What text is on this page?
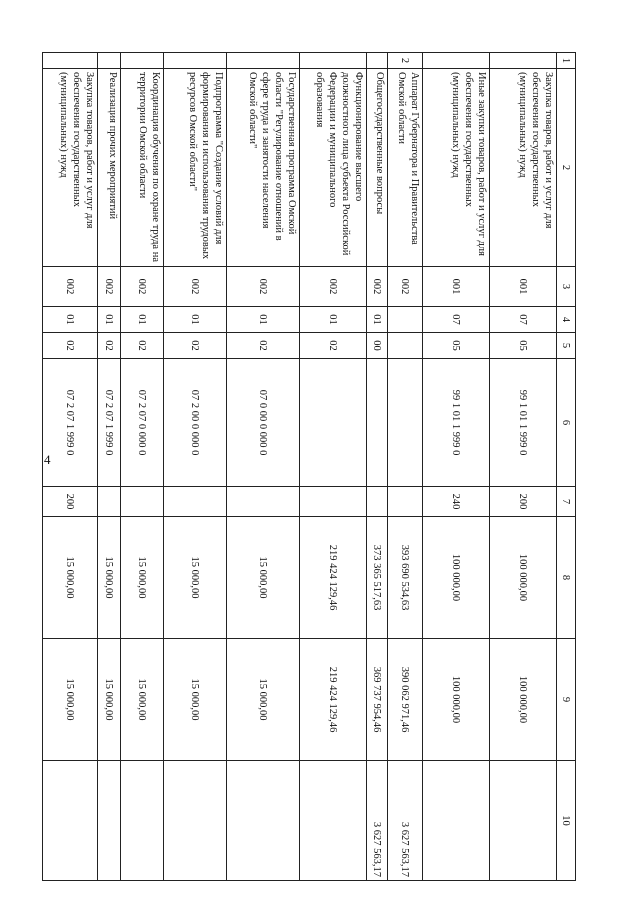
4
1	2	3	4	5	6	7	8	9	10
	Закупка товаров, работ и услуг для обеспечения государственных (муниципальных) нужд	001	07	05	99 1 01 1 999 0	200	100 000,00	100 000,00	
	Иные закупки товаров, работ и услуг для обеспечения государственных (муниципальных) нужд	001	07	05	99 1 01 1 999 0	240	100 000,00	100 000,00	
2	Аппарат Губернатора и Правительства Омской области	002					393 690 534,63	390 062 971,46	3 627 563,17
	Общегосударственные вопросы	002	01	00			373 365 517,63	369 737 954,46	3 627 563,17
	Функционирование высшего должностного лица субъекта Российской Федерации и муниципального образования	002	01	02			219 424 129,46	219 424 129,46	
	Государственная программа Омской области "Регулирование отношений в сфере труда и занятости населения Омской области"	002	01	02	07 0 00 0 000 0		15 000,00	15 000,00	
	Подпрограмма "Создание условий для формирования и использования трудовых ресурсов Омской области"	002	01	02	07 2 00 0 000 0		15 000,00	15 000,00	
	Координация обучения по охране труда на территории Омской области	002	01	02	07 2 07 0 000 0		15 000,00	15 000,00	
	Реализация прочих мероприятий	002	01	02	07 2 07 1 999 0		15 000,00	15 000,00	
	Закупка товаров, работ и услуг для обеспечения государственных (муниципальных) нужд	002	01	02	07 2 07 1 999 0	200	15 000,00	15 000,00	
